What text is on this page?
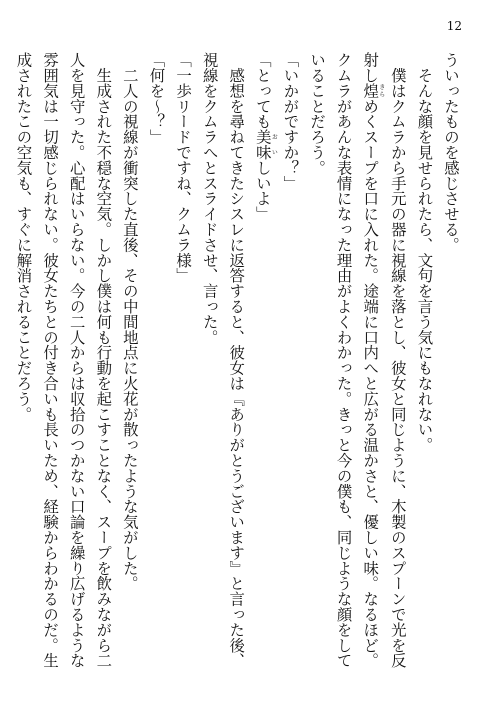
12

ういったものを感じさせる。

　そんな顔を見せられたら、文句を言う気にもなれない。

　僕はクムラから手元の器に視線を落とし、彼女と同じように、木製のスプーンで光を反

射し煌きらめくスープを口に入れた。途端に口内へと広がる温かさと、優しい味。なるほど。

クムラがあんな表情になった理由がよくわかった。きっと今の僕も、同じような顔をして

いることだろう。

「いかがですか？」

「とっても美味おいしいよ」

　感想を尋ねてきたシスレに返答すると、彼女は『ありがとうございます』と言った後、

視線をクムラへとスライドさせ、言った。

「一歩リードですね、クムラ様」

「何を～？」

　二人の視線が衝突した直後、その中間地点に火花が散ったような気がした。

　生成された不穏な空気。しかし僕は何も行動を起こすことなく、スープを飲みながら二

人を見守った。心配はいらない。今の二人からは収拾のつかない口論を繰り広げるような

雰囲気は一切感じられない。彼女たちとの付き合いも長いため、経験からわかるのだ。生

成されたこの空気も、すぐに解消されることだろう。
